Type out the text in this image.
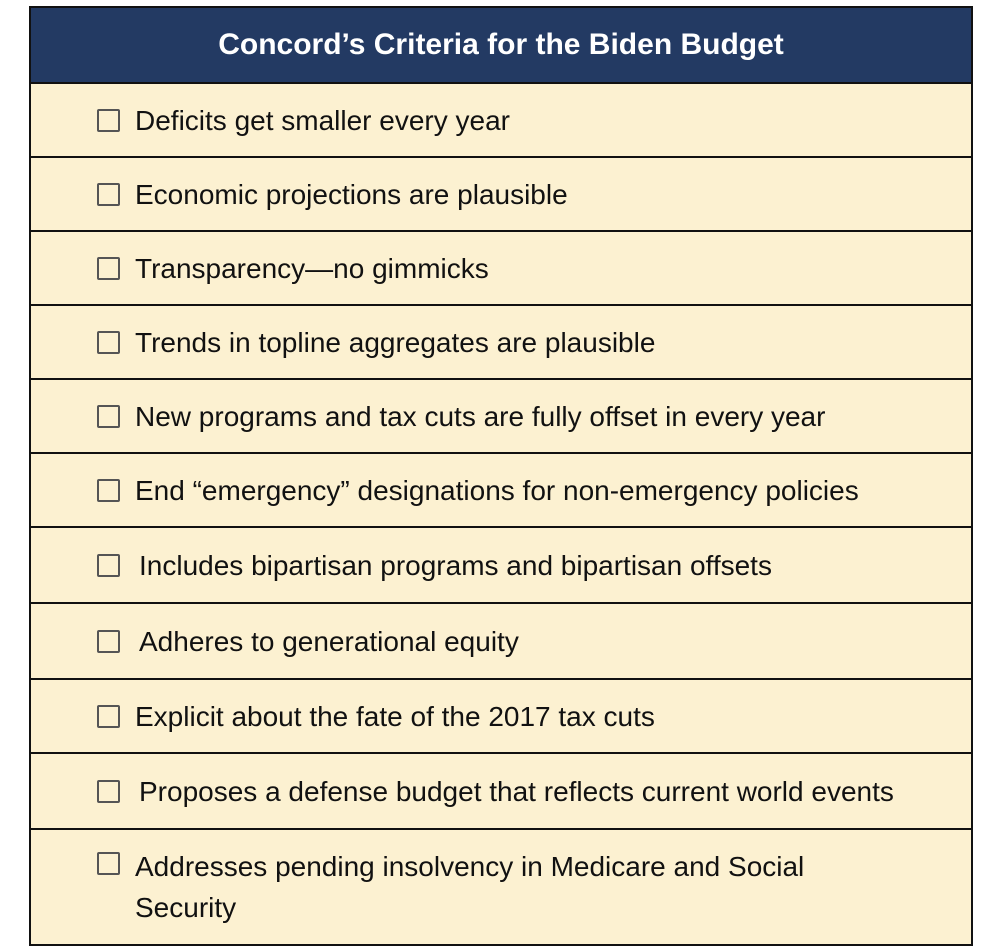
Concord’s Criteria for the Biden Budget
Deficits get smaller every year
Economic projections are plausible
Transparency—no gimmicks
Trends in topline aggregates are plausible
New programs and tax cuts are fully offset in every year
End “emergency” designations for non-emergency policies
Includes bipartisan programs and bipartisan offsets
Adheres to generational equity
Explicit about the fate of the 2017 tax cuts
Proposes a defense budget that reflects current world events
Addresses pending insolvency in Medicare and Social Security
